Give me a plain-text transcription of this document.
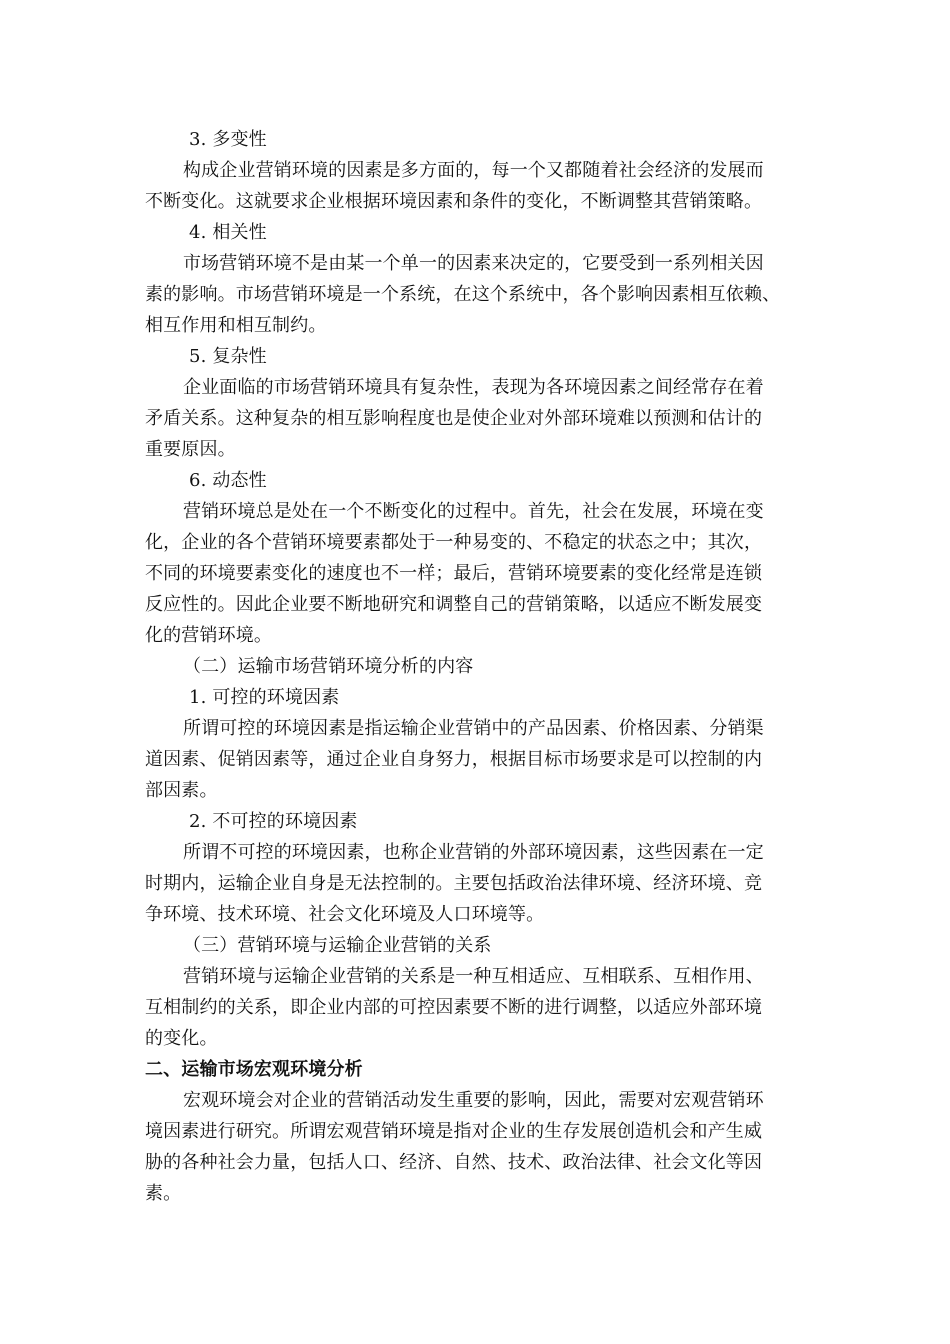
3. 多变性
构成企业营销环境的因素是多方面的，每一个又都随着社会经济的发展而
不断变化。这就要求企业根据环境因素和条件的变化，不断调整其营销策略。
4. 相关性
市场营销环境不是由某一个单一的因素来决定的，它要受到一系列相关因
素的影响。市场营销环境是一个系统，在这个系统中，各个影响因素相互依赖、
相互作用和相互制约。
5. 复杂性
企业面临的市场营销环境具有复杂性，表现为各环境因素之间经常存在着
矛盾关系。这种复杂的相互影响程度也是使企业对外部环境难以预测和估计的
重要原因。
6. 动态性
营销环境总是处在一个不断变化的过程中。首先，社会在发展，环境在变
化，企业的各个营销环境要素都处于一种易变的、不稳定的状态之中；其次，
不同的环境要素变化的速度也不一样；最后，营销环境要素的变化经常是连锁
反应性的。因此企业要不断地研究和调整自己的营销策略，以适应不断发展变
化的营销环境。
（二）运输市场营销环境分析的内容
1. 可控的环境因素
所谓可控的环境因素是指运输企业营销中的产品因素、价格因素、分销渠
道因素、促销因素等，通过企业自身努力，根据目标市场要求是可以控制的内
部因素。
2. 不可控的环境因素
所谓不可控的环境因素，也称企业营销的外部环境因素，这些因素在一定
时期内，运输企业自身是无法控制的。主要包括政治法律环境、经济环境、竞
争环境、技术环境、社会文化环境及人口环境等。
（三）营销环境与运输企业营销的关系
营销环境与运输企业营销的关系是一种互相适应、互相联系、互相作用、
互相制约的关系，即企业内部的可控因素要不断的进行调整，以适应外部环境
的变化。
二、运输市场宏观环境分析
宏观环境会对企业的营销活动发生重要的影响，因此，需要对宏观营销环
境因素进行研究。所谓宏观营销环境是指对企业的生存发展创造机会和产生威
胁的各种社会力量，包括人口、经济、自然、技术、政治法律、社会文化等因
素。
